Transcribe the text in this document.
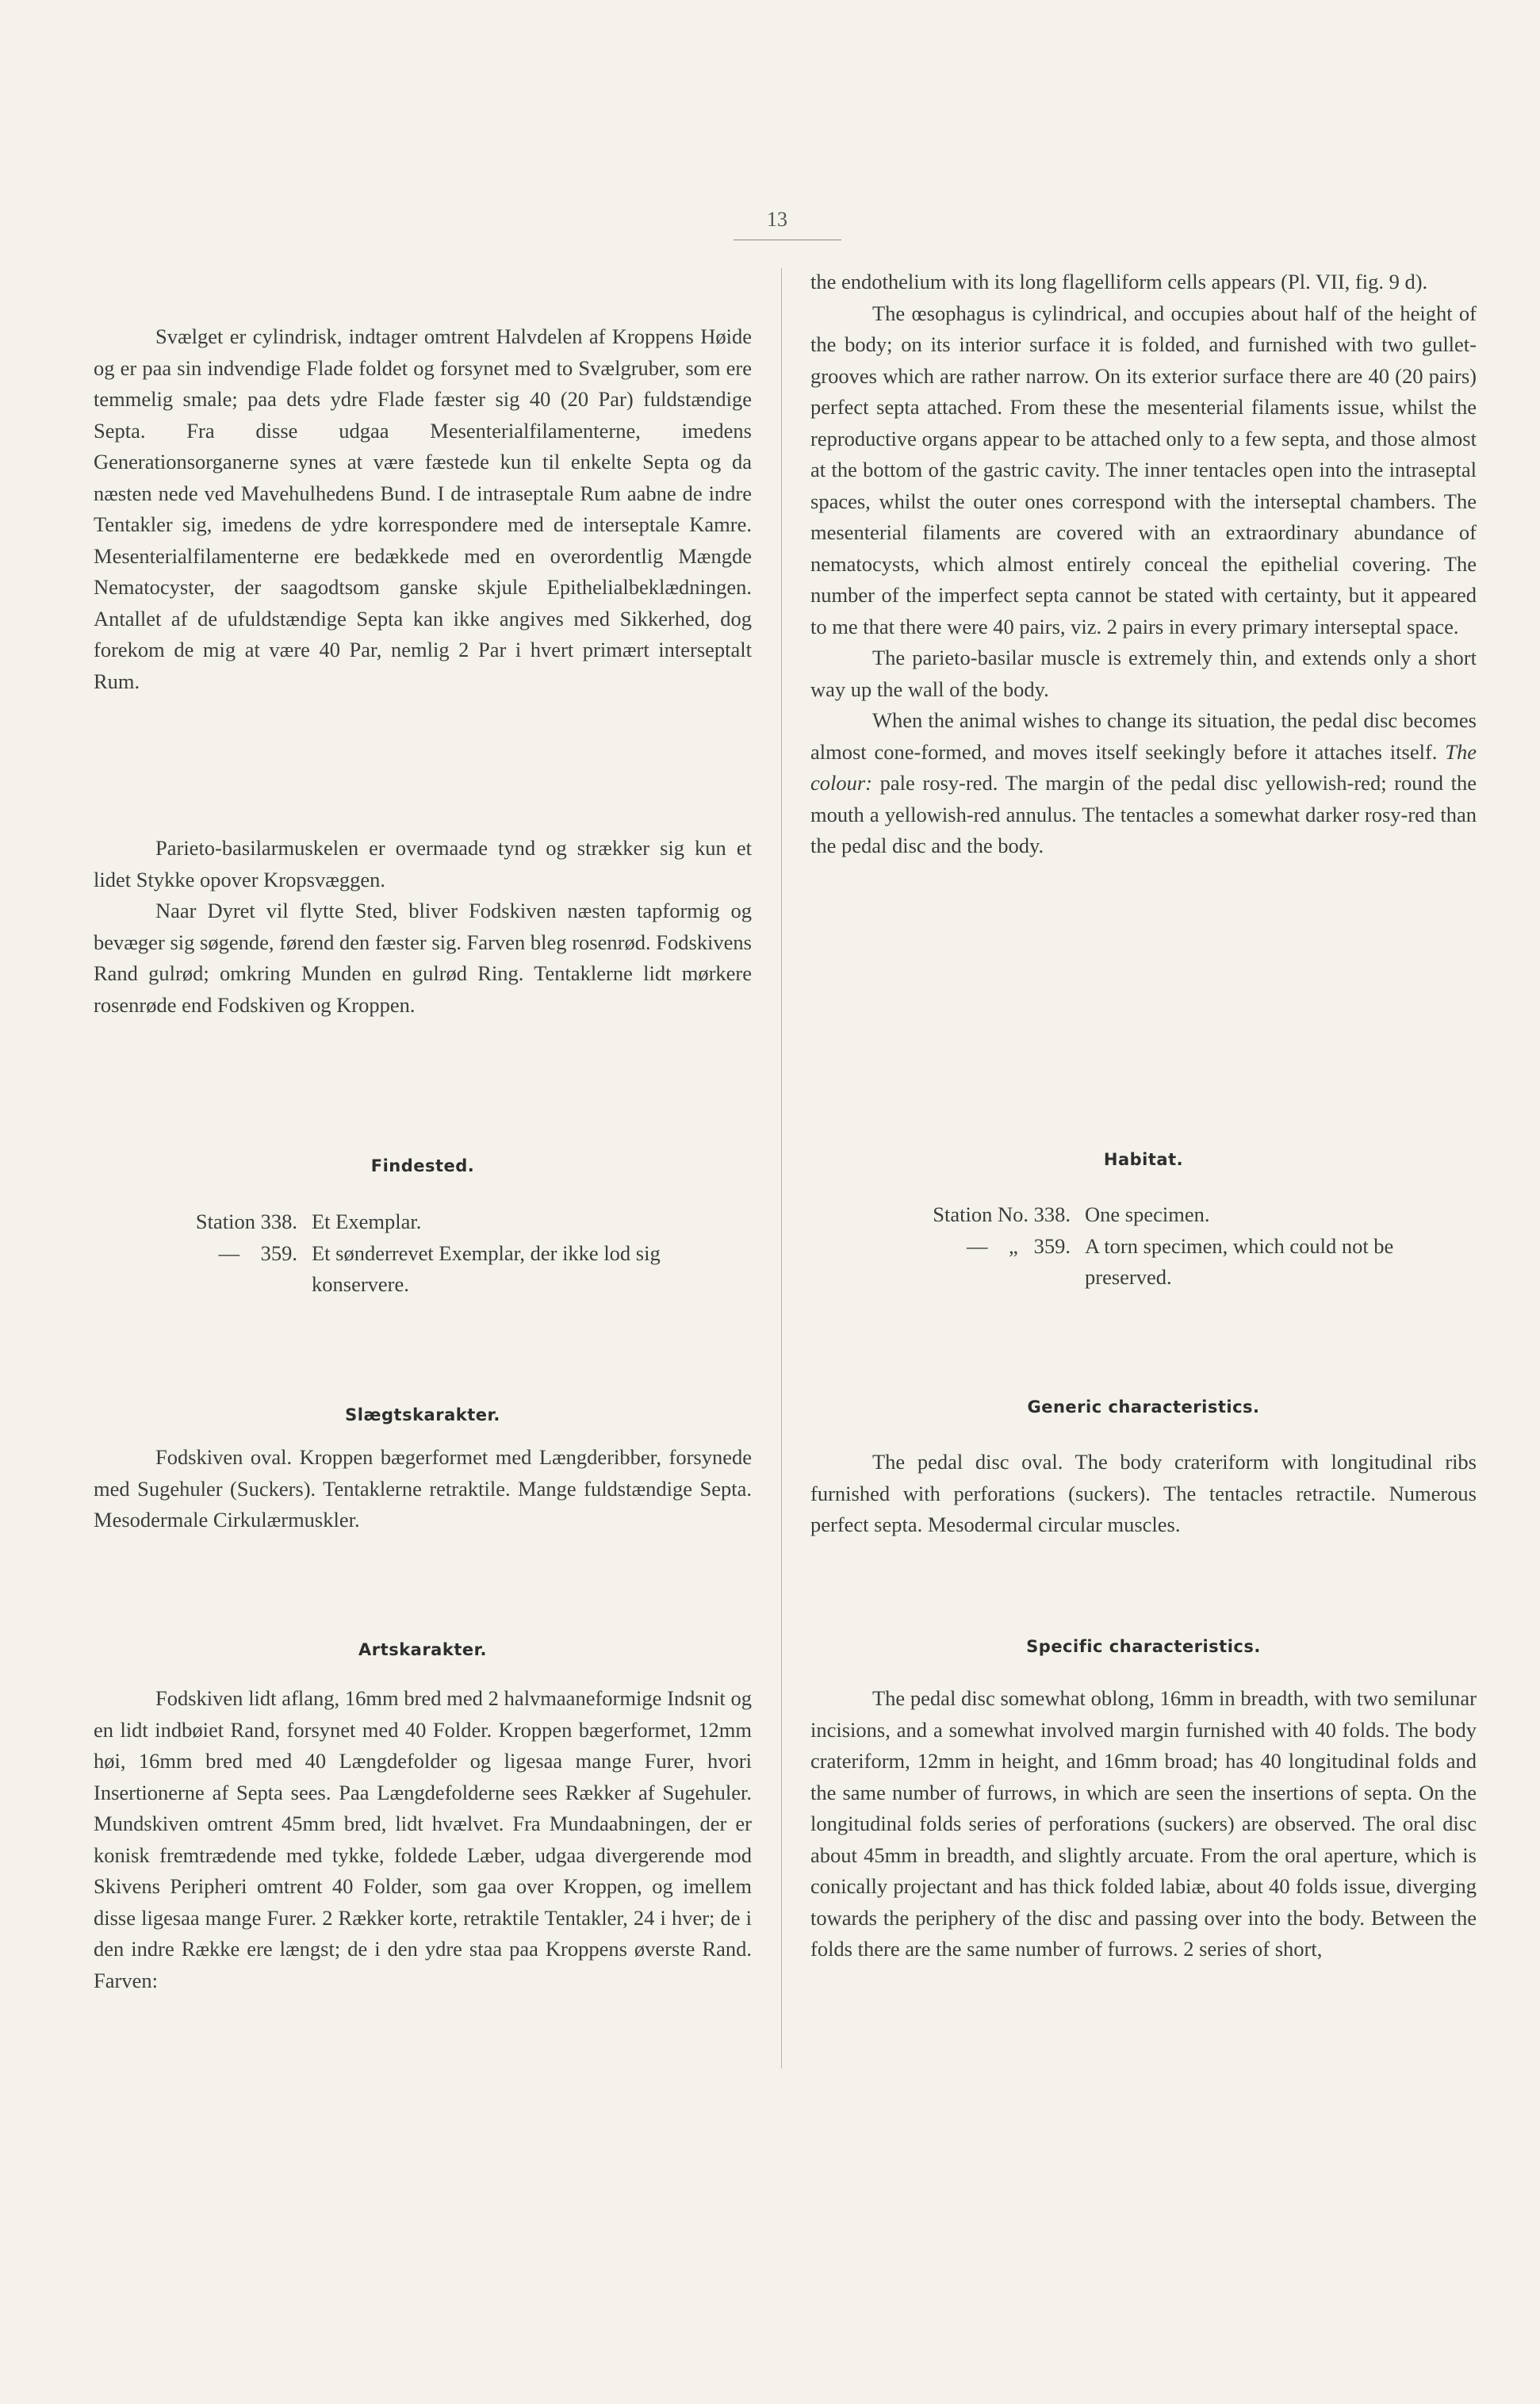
13

Svælget er cylindrisk, indtager omtrent Halvdelen af Kroppens Høide og er paa sin indvendige Flade foldet og forsynet med to Svælgruber, som ere temmelig smale; paa dets ydre Flade fæster sig 40 (20 Par) fuldstændige Septa. Fra disse udgaa Mesenterialfilamenterne, imedens Generationsorganerne synes at være fæstede kun til enkelte Septa og da næsten nede ved Mavehulhedens Bund. I de intraseptale Rum aabne de indre Tentakler sig, imedens de ydre korrespondere med de interseptale Kamre. Mesenterialfilamenterne ere bedækkede med en overordentlig Mængde Nematocyster, der saagodtsom ganske skjule Epithelialbeklædningen. Antallet af de ufuldstændige Septa kan ikke angives med Sikkerhed, dog forekom de mig at være 40 Par, nemlig 2 Par i hvert primært interseptalt Rum.

Parieto-basilarmuskelen er overmaade tynd og strækker sig kun et lidet Stykke opover Kropsvæggen.

Naar Dyret vil flytte Sted, bliver Fodskiven næsten tapformig og bevæger sig søgende, førend den fæster sig. Farven bleg rosenrød. Fodskivens Rand gulrød; omkring Munden en gulrød Ring. Tentaklerne lidt mørkere rosenrøde end Fodskiven og Kroppen.

Findested.
Station 338. Et Exemplar.
—    359. Et sønderrevet Exemplar, der ikke lod sig konservere.
Slægtskarakter.

Fodskiven oval. Kroppen bægerformet med Længderibber, forsynede med Sugehuler (Suckers). Tentaklerne retraktile. Mange fuldstændige Septa. Mesodermale Cirkulærmuskler.

Artskarakter.

Fodskiven lidt aflang, 16mm bred med 2 halvmaaneformige Indsnit og en lidt indbøiet Rand, forsynet med 40 Folder. Kroppen bægerformet, 12mm høi, 16mm bred med 40 Længdefolder og ligesaa mange Furer, hvori Insertionerne af Septa sees. Paa Længdefolderne sees Rækker af Sugehuler. Mundskiven omtrent 45mm bred, lidt hvælvet. Fra Mundaabningen, der er konisk fremtrædende med tykke, foldede Læber, udgaa divergerende mod Skivens Peripheri omtrent 40 Folder, som gaa over Kroppen, og imellem disse ligesaa mange Furer. 2 Rækker korte, retraktile Tentakler, 24 i hver; de i den indre Række ere længst; de i den ydre staa paa Kroppens øverste Rand. Farven:

the endothelium with its long flagelliform cells appears (Pl. VII, fig. 9 d).

The œsophagus is cylindrical, and occupies about half of the height of the body; on its interior surface it is folded, and furnished with two gullet-grooves which are rather narrow. On its exterior surface there are 40 (20 pairs) perfect septa attached. From these the mesenterial filaments issue, whilst the reproductive organs appear to be attached only to a few septa, and those almost at the bottom of the gastric cavity. The inner tentacles open into the intraseptal spaces, whilst the outer ones correspond with the interseptal chambers. The mesenterial filaments are covered with an extraordinary abundance of nematocysts, which almost entirely conceal the epithelial covering. The number of the imperfect septa cannot be stated with certainty, but it appeared to me that there were 40 pairs, viz. 2 pairs in every primary interseptal space.

The parieto-basilar muscle is extremely thin, and extends only a short way up the wall of the body.

When the animal wishes to change its situation, the pedal disc becomes almost cone-formed, and moves itself seekingly before it attaches itself. The colour: pale rosy-red. The margin of the pedal disc yellowish-red; round the mouth a yellowish-red annulus. The tentacles a somewhat darker rosy-red than the pedal disc and the body.

Habitat.
Station No. 338. One specimen.
—    „   359. A torn specimen, which could not be preserved.
Generic characteristics.

The pedal disc oval. The body crateriform with longitudinal ribs furnished with perforations (suckers). The tentacles retractile. Numerous perfect septa. Mesodermal circular muscles.

Specific characteristics.

The pedal disc somewhat oblong, 16mm in breadth, with two semilunar incisions, and a somewhat involved margin furnished with 40 folds. The body crateriform, 12mm in height, and 16mm broad; has 40 longitudinal folds and the same number of furrows, in which are seen the insertions of septa. On the longitudinal folds series of perforations (suckers) are observed. The oral disc about 45mm in breadth, and slightly arcuate. From the oral aperture, which is conically projectant and has thick folded labiæ, about 40 folds issue, diverging towards the periphery of the disc and passing over into the body. Between the folds there are the same number of furrows. 2 series of short,
